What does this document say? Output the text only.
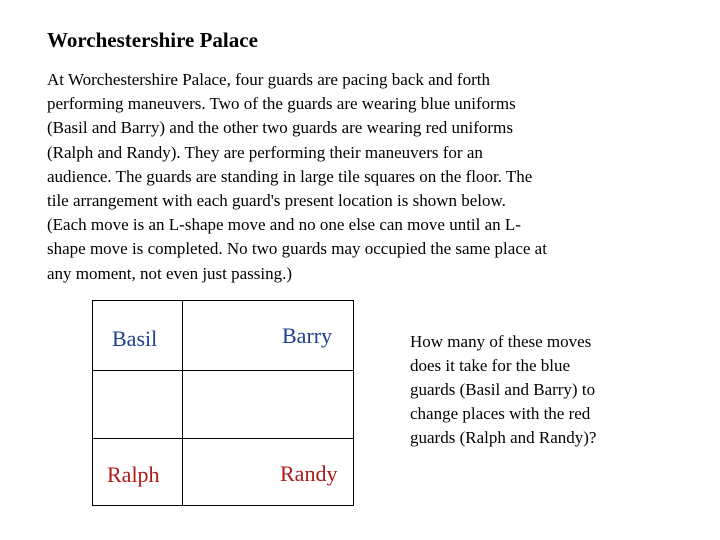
Worchestershire Palace
At Worchestershire Palace, four guards are pacing back and forth
performing maneuvers. Two of the guards are wearing blue uniforms
(Basil and Barry) and the other two guards are wearing red uniforms
(Ralph and Randy). They are performing their maneuvers for an
audience. The guards are standing in large tile squares on the floor. The
tile arrangement with each guard's present location is shown below.
(Each move is an L-shape move and no one else can move until an L-
shape move is completed. No two guards may occupied the same place at
any moment, not even just passing.)
Basil	Barry
Ralph	Randy
How many of these moves
does it take for the blue
guards (Basil and Barry) to
change places with the red
guards (Ralph and Randy)?
